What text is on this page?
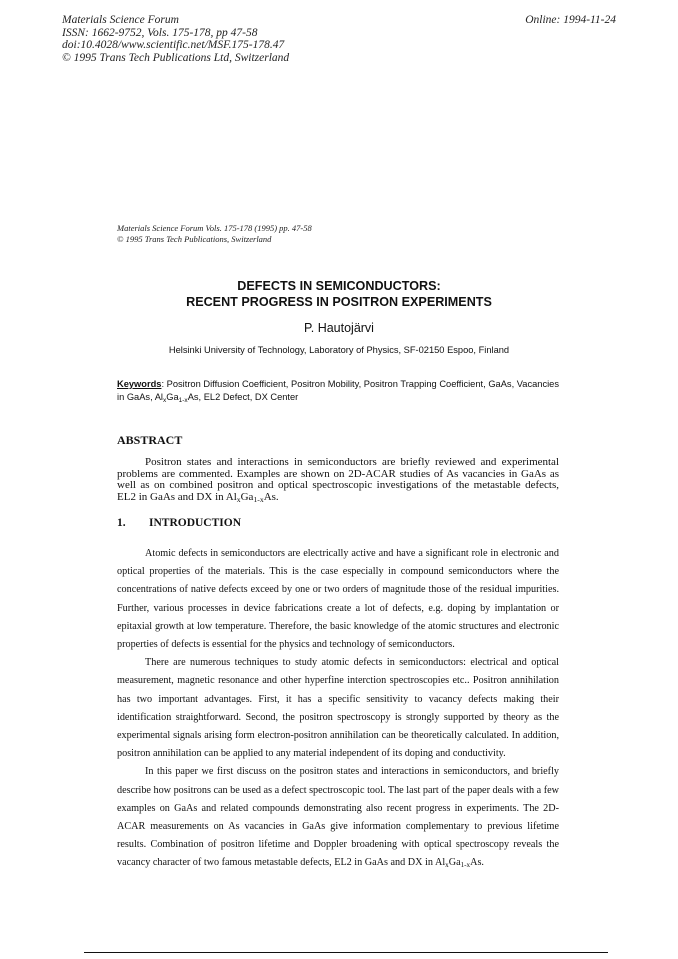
Materials Science Forum
ISSN: 1662-9752, Vols. 175-178, pp 47-58
doi:10.4028/www.scientific.net/MSF.175-178.47
© 1995 Trans Tech Publications Ltd, Switzerland
Online: 1994-11-24
Materials Science Forum Vols. 175-178 (1995) pp. 47-58
© 1995 Trans Tech Publications, Switzerland
DEFECTS IN SEMICONDUCTORS:
RECENT PROGRESS IN POSITRON EXPERIMENTS
P. Hautojärvi
Helsinki University of Technology, Laboratory of Physics, SF-02150 Espoo, Finland
Keywords: Positron Diffusion Coefficient, Positron Mobility, Positron Trapping Coefficient, GaAs, Vacancies in GaAs, $Al_xGa_{1-x}As$, EL2 Defect, DX Center
ABSTRACT
Positron states and interactions in semiconductors are briefly reviewed and experimental problems are commented. Examples are shown on 2D-ACAR studies of As vacancies in GaAs as well as on combined positron and optical spectroscopic investigations of the metastable defects, EL2 in GaAs and DX in $Al_xGa_{1-x}As$.
1. INTRODUCTION

Atomic defects in semiconductors are electrically active and have a significant role in electronic and optical properties of the materials. This is the case especially in compound semiconductors where the concentrations of native defects exceed by one or two orders of magnitude those of the residual impurities. Further, various processes in device fabrications create a lot of defects, e.g. doping by implantation or epitaxial growth at low temperature. Therefore, the basic knowledge of the atomic structures and electronic properties of defects is essential for the physics and technology of semiconductors.

There are numerous techniques to study atomic defects in semiconductors: electrical and optical measurement, magnetic resonance and other hyperfine interction spectroscopies etc.. Positron annihilation has two important advantages. First, it has a specific sensitivity to vacancy defects making their identification straightforward. Second, the positron spectroscopy is strongly supported by theory as the experimental signals arising form electron-positron annihilation can be theoretically calculated. In addition, positron annihilation can be applied to any material independent of its doping and conductivity.

In this paper we first discuss on the positron states and interactions in semiconductors, and briefly describe how positrons can be used as a defect spectroscopic tool. The last part of the paper deals with a few examples on GaAs and related compounds demonstrating also recent progress in experiments. The 2D-ACAR measurements on As vacancies in GaAs give information complementary to previous lifetime results. Combination of positron lifetime and Doppler broadening with optical spectroscopy reveals the vacancy character of two famous metastable defects, EL2 in GaAs and DX in $Al_xGa_{1-x}As$.
